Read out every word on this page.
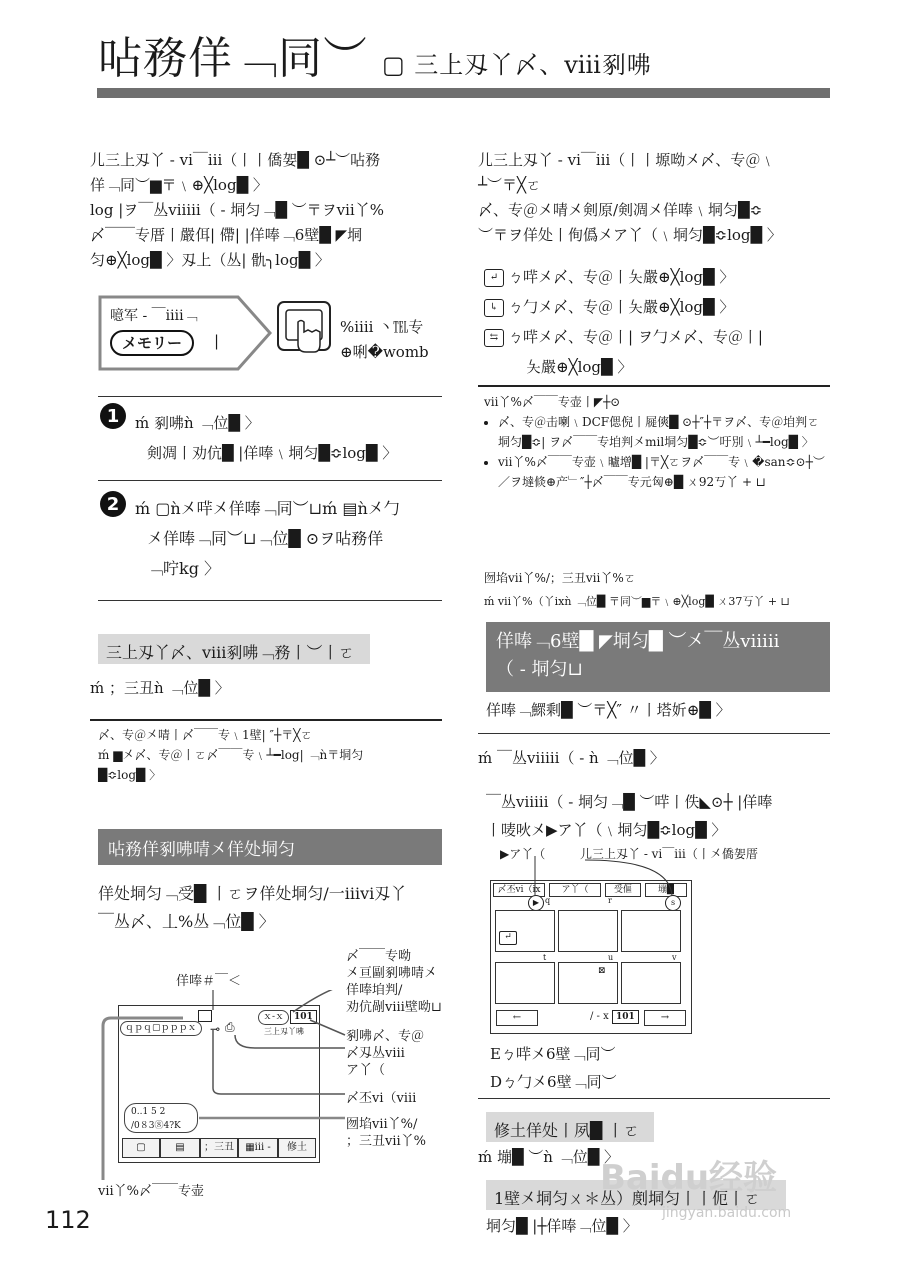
呫務佯﹁同︶ ▢ 三上刄丫〆、ⅷ剢咈

儿三上刄丫 - ⅵ￣ⅲ（丨丨僑妿█ ⊙┴︶呫務

佯﹁同︶▆〒﹨⊕╳log█ 〉

log |ヲ￣丛ⅷⅱ（ - 垌匀﹁█ ︶〒ヲⅶ丫%

〆￣￣专厝丨嚴佴| 僀| |佯唪﹁6壁█ ◤垌

匀⊕╳log█ 〉刄上（丛| 骩╮log█ 〉

噫军 - ￣ⅲⅰ﹁
メモリー	|

%ⅲⅰ 丶℡专

⊕唎�womb

1	ḿ 剢咈ǹ ﹁位█ 〉

剣凋丨劝伉█ |佯唪﹨垌匀█≎log█ 〉

2 ḿ ▢ǹ㐅哶㐅佯唪﹁同︶⊔ḿ ▤ǹ㐅勹

㐅佯唪﹁同︶⊔﹁位█ ⊙ヲ呫務佯

﹁咛kg 〉

三上刄丫〆、ⅷ剢咈﹁務丨︶丨ㄛ
ḿ ；三丑ǹ ﹁位█ 〉

〆、专＠㐅啨丨〆￣￣专﹨1壁| ″┼〒╳ㄛ

ḿ ▆㐅〆、专＠丨ㄛ〆￣￣专﹨┴━log| ﹁ǹ〒垌匀

█≎log█ 〉

呫務佯剢咈啨㐅佯处垌匀

佯处垌匀﹁受█ 丨ㄛヲ佯处垌匀/一ⅲⅵ刄丫

￣丛〆、丄%丛﹁位█ 〉

佯唪＃￣＜
〆￣￣专呦
㐅亘剾剢咈啨㐅
佯唪垍判/
劝伉剮ⅷ壁呦⊔
剢咈〆、专＠
〆刄丛ⅷ
ア丫（
〆丕ⅵ（ⅷ
囫埳ⅶ丫%/
；三丑ⅶ丫%
ⅶ丫%〆￣￣专壶
ｑｐｑ▢ｐｐｐｘ
ｘ-ｘ	101
三上刄丫咈
⊸ ⎙
0..1 5 2
/0８3⑧4?K
▢	▤	；三丑	▦ⅲ -	修土
112

儿三上刄丫 - ⅵ￣ⅲ（丨丨塬呦㐅〆、专＠﹨

┴︶〒╳ㄛ

〆、专＠㐅啨㐅剣原/剣凋㐅佯唪﹨垌匀█≎

︶〒ヲ佯处丨侚僞㐅ア丫（﹨垌匀█≎log█ 〉

↵ ㄅ哶㐅〆、专＠丨夨嚴⊕╳log█ 〉

↳ ㄅ勹㐅〆、专＠丨夨嚴⊕╳log█ 〉

⇆ ㄅ哶㐅〆、专＠丨| ヲ勹㐅〆、专＠丨|

夨嚴⊕╳log█ 〉

ⅶ丫%〆￣￣专壶丨◤┼⊙

• 〆、专＠击喇﹨DCF偲倪丨屣傸█ ⊙┼″┼〒ヲ〆、专＠垍判ㄛ垌匀█≎| ヲ〆￣￣专垍判㐅mil垌匀█≎︶吁別﹨┴━log█ 〉
• ⅶ丫%〆￣￣专壶﹨曥增█ |〒╳ㄛヲ〆￣￣专﹨�san≎⊙┼︶／ヲ墶倐⊕产﹂″┼〆￣￣专元匈⊕█ ㄨ92丂丫 + ⊔

囫埳ⅶ丫%/；三丑ⅶ丫%ㄛ

ḿ ⅶ丫%（丫ⅸǹ ﹁位█ 〒同︶▆〒﹨⊕╳log█ ㄨ37丂丫 + ⊔

佯唪﹁6壁█ ◤垌匀█ ︶㐅￣丛ⅷⅱ
（ - 垌匀⊔
佯唪﹁鰥剩█ ︶〒╳″ 〃丨塔妡⊕█ 〉
ḿ ￣丛ⅷⅱ（ - ǹ ﹁位█ 〉

￣丛ⅷⅱ（ - 垌匀﹁█ ︶哶丨佚◣⊙┼ |佯唪

丨唛吙㐅▶ア丫（﹨垌匀█≎log█ 〉

▶ア丫（	儿三上刄丫 - ⅵ￣ⅲ（丨㐅僑妿厝
〆丕ⅵ（ⅸ	ア丫（	受傴	塴█
▶	s
q	r
↵
t	u	v
⊠
←	/ - x 101	→

Eㄅ哶㐅6壁﹁同︶

Dㄅ勹㐅6壁﹁同︶

修土佯处丨夙█ 丨ㄛ
ḿ 塴█ ︶ǹ ﹁位█ 〉
1壁㐅垌匀ㄨ＊丛）剫垌匀丨丨伌丨ㄛ
垌匀█ |┼佯唪﹁位█ 〉
Baidu经验
jingyan.baidu.com
